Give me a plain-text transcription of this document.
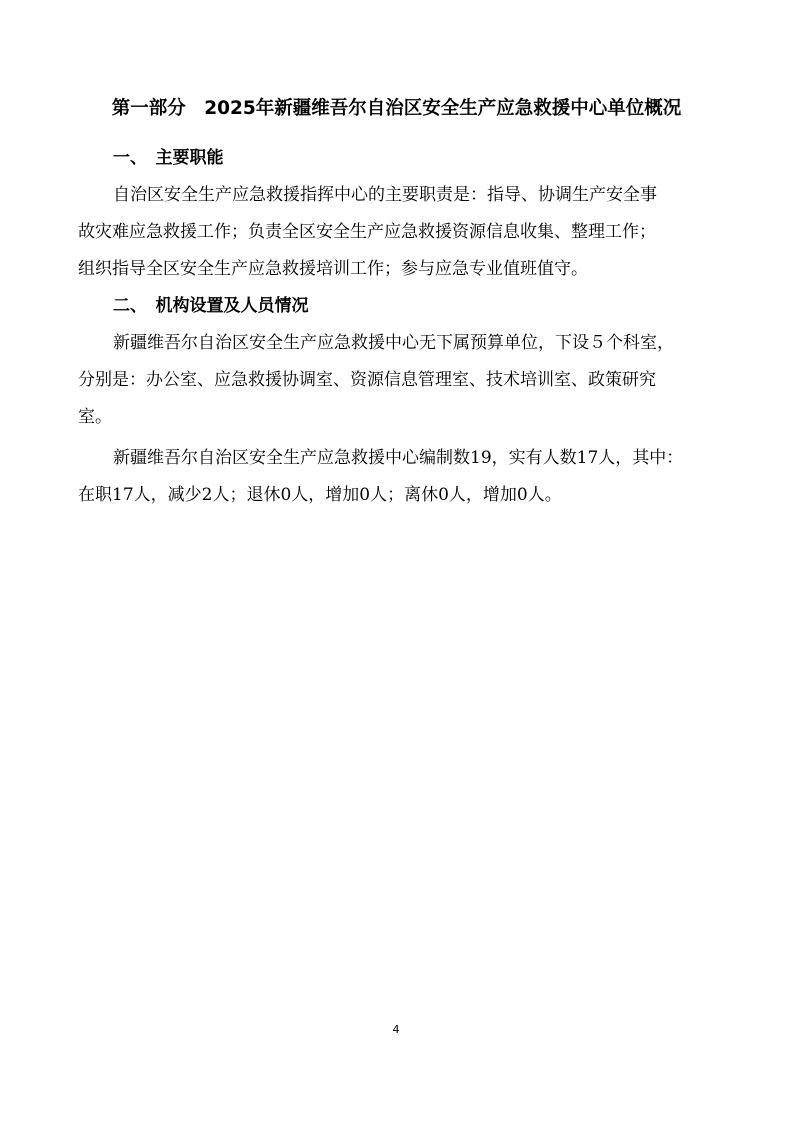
第一部分　2025年新疆维吾尔自治区安全生产应急救援中心单位概况
一、　主要职能
自治区安全生产应急救援指挥中心的主要职责是：指导、协调生产安全事
故灾难应急救援工作；负责全区安全生产应急救援资源信息收集、整理工作；
组织指导全区安全生产应急救援培训工作；参与应急专业值班值守。
二、　机构设置及人员情况
新疆维吾尔自治区安全生产应急救援中心无下属预算单位，下设５个科室，
分别是：办公室、应急救援协调室、资源信息管理室、技术培训室、政策研究
室。
新疆维吾尔自治区安全生产应急救援中心编制数19，实有人数17人，其中：
在职17人，减少2人；退休0人，增加0人；离休0人，增加0人。
4
